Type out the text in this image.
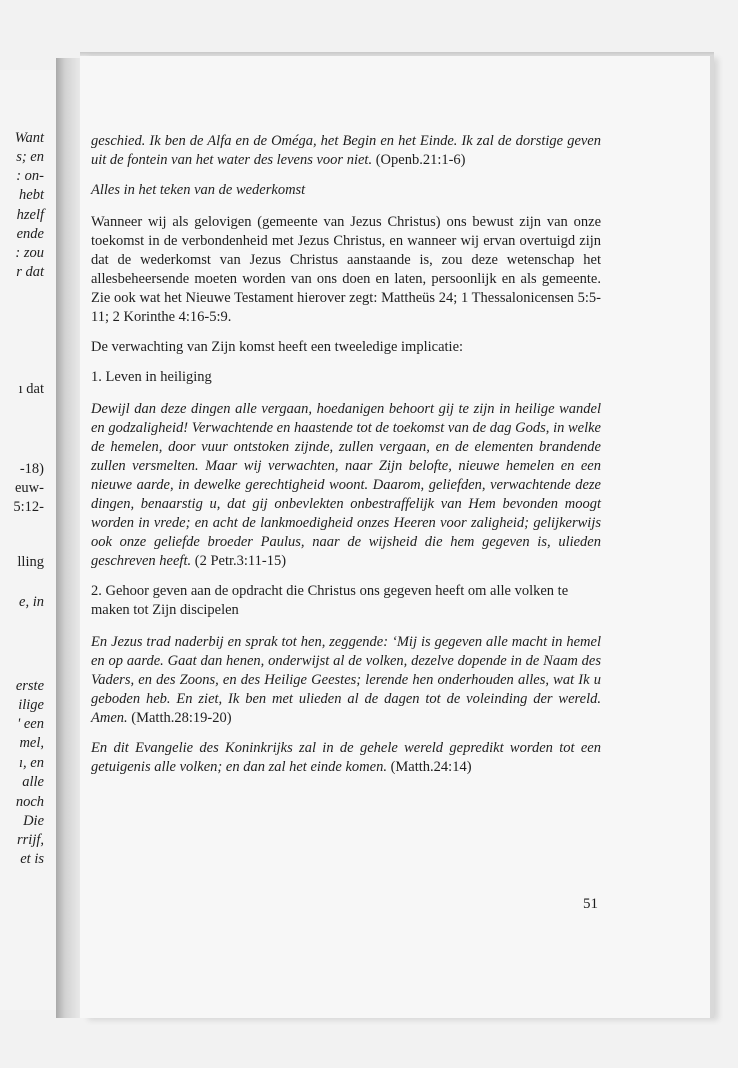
Want
s; en
: on-
hebt
hzelf
ende
: zou
r dat
ı dat
-18)
euw-
5:12-
lling
e, in
erste
ilige
' een
mel,
ı, en
alle
noch
Die
rrijf,
et is

geschied. Ik ben de Alfa en de Oméga, het Begin en het Einde. Ik zal de dorstige geven uit de fontein van het water des levens voor niet. (Openb.21:1-6)

Alles in het teken van de wederkomst

Wanneer wij als gelovigen (gemeente van Jezus Christus) ons bewust zijn van onze toekomst in de verbondenheid met Jezus Christus, en wanneer wij ervan overtuigd zijn dat de wederkomst van Jezus Christus aanstaande is, zou deze wetenschap het allesbeheersende moeten worden van ons doen en laten, persoonlijk en als gemeente. Zie ook wat het Nieuwe Testament hierover zegt: Mattheüs 24; 1 Thessalonicensen 5:5-11; 2 Korinthe 4:16-5:9.

De verwachting van Zijn komst heeft een tweeledige implicatie:

1. Leven in heiliging

Dewijl dan deze dingen alle vergaan, hoedanigen behoort gij te zijn in heilige wandel en godzaligheid! Verwachtende en haastende tot de toekomst van de dag Gods, in welke de hemelen, door vuur ontstoken zijnde, zullen vergaan, en de elementen brandende zullen versmelten. Maar wij verwachten, naar Zijn belofte, nieuwe hemelen en een nieuwe aarde, in dewelke gerechtigheid woont. Daarom, geliefden, verwachtende deze dingen, benaarstig u, dat gij onbevlekten onbestraffelijk van Hem bevonden moogt worden in vrede; en acht de lankmoedigheid onzes Heeren voor zaligheid; gelijkerwijs ook onze geliefde broeder Paulus, naar de wijsheid die hem gegeven is, ulieden geschreven heeft. (2 Petr.3:11-15)

2. Gehoor geven aan de opdracht die Christus ons gegeven heeft om alle volken te maken tot Zijn discipelen

En Jezus trad naderbij en sprak tot hen, zeggende: ‘Mij is gegeven alle macht in hemel en op aarde. Gaat dan henen, onderwijst al de volken, dezelve dopende in de Naam des Vaders, en des Zoons, en des Heilige Geestes; lerende hen onderhouden alles, wat Ik u geboden heb. En ziet, Ik ben met ulieden al de dagen tot de voleinding der wereld. Amen. (Matth.28:19-20)

En dit Evangelie des Koninkrijks zal in de gehele wereld gepredikt worden tot een getuigenis alle volken; en dan zal het einde komen. (Matth.24:14)

51
